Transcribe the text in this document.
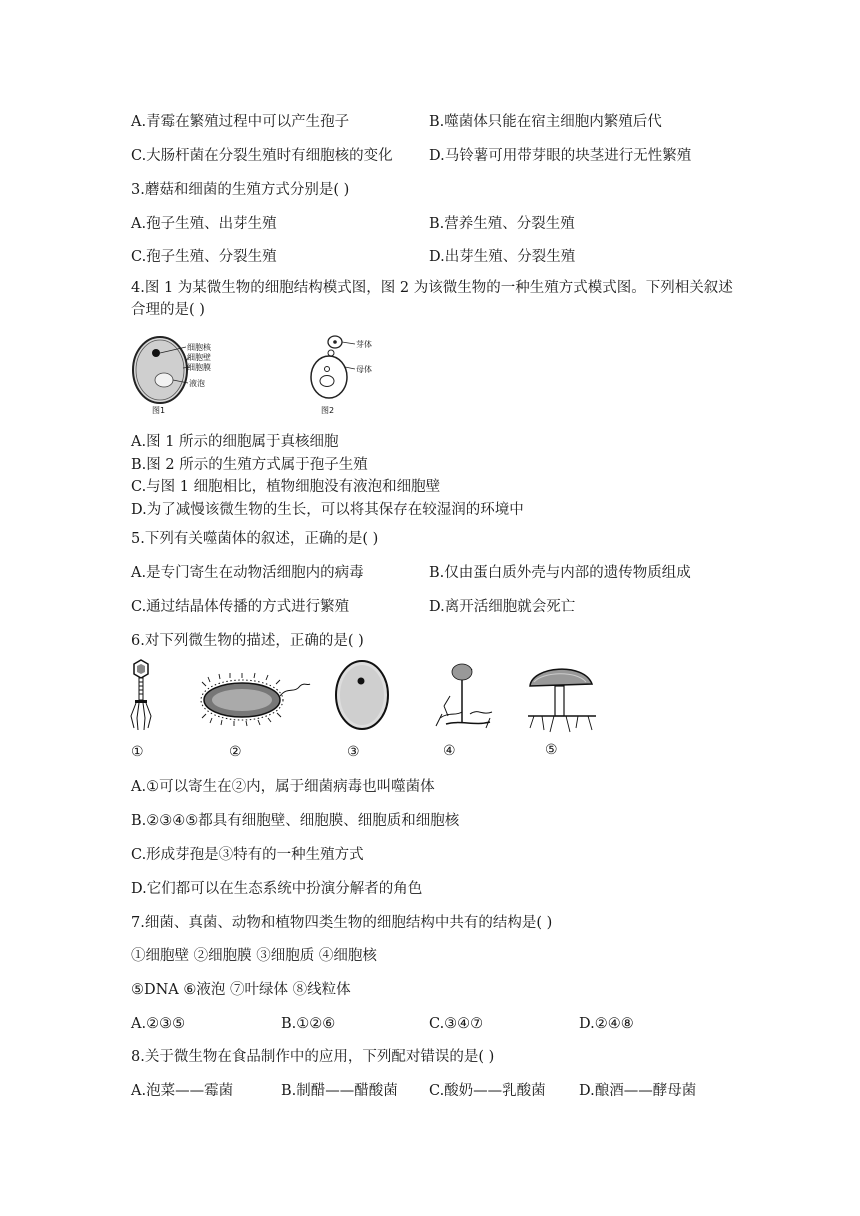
A.青霉在繁殖过程中可以产生孢子	B.噬菌体只能在宿主细胞内繁殖后代
C.大肠杆菌在分裂生殖时有细胞核的变化	D.马铃薯可用带芽眼的块茎进行无性繁殖
3.蘑菇和细菌的生殖方式分别是( )
A.孢子生殖、出芽生殖	B.营养生殖、分裂生殖
C.孢子生殖、分裂生殖	D.出芽生殖、分裂生殖
4.图 1 为某微生物的细胞结构模式图，图 2 为该微生物的一种生殖方式模式图。下列相关叙述合理的是( )
细胞核
细胞壁
细胞膜
液泡
图1
芽体
母体
图2
A.图 1 所示的细胞属于真核细胞
B.图 2 所示的生殖方式属于孢子生殖
C.与图 1 细胞相比，植物细胞没有液泡和细胞壁
D.为了减慢该微生物的生长，可以将其保存在较湿润的环境中
5.下列有关噬菌体的叙述，正确的是( )
A.是专门寄生在动物活细胞内的病毒	B.仅由蛋白质外壳与内部的遗传物质组成
C.通过结晶体传播的方式进行繁殖	D.离开活细胞就会死亡
6.对下列微生物的描述，正确的是( )
①	②	③	④	⑤
A.①可以寄生在②内，属于细菌病毒也叫噬菌体
B.②③④⑤都具有细胞壁、细胞膜、细胞质和细胞核
C.形成芽孢是③特有的一种生殖方式
D.它们都可以在生态系统中扮演分解者的角色
7.细菌、真菌、动物和植物四类生物的细胞结构中共有的结构是( )
①细胞壁 ②细胞膜 ③细胞质 ④细胞核
⑤DNA ⑥液泡 ⑦叶绿体 ⑧线粒体
A.②③⑤	B.①②⑥	C.③④⑦	D.②④⑧
8.关于微生物在食品制作中的应用，下列配对错误的是( )
A.泡菜——霉菌	B.制醋——醋酸菌 C.酸奶——乳酸菌 D.酿酒——酵母菌
